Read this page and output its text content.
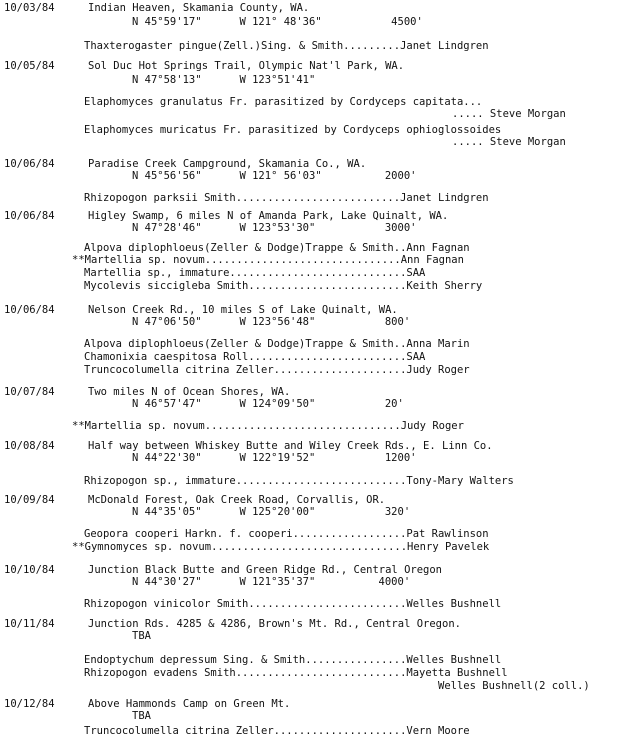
10/03/84	Indian Heaven, Skamania County, WA.
N 45°59'17"      W 121° 48'36"           4500'
Thaxterogaster pingue(Zell.)Sing. & Smith.........Janet Lindgren
10/05/84	Sol Duc Hot Springs Trail, Olympic Nat'l Park, WA.
N 47°58'13"      W 123°51'41"
Elaphomyces granulatus Fr. parasitized by Cordyceps capitata...
..... Steve Morgan
Elaphomyces muricatus Fr. parasitized by Cordyceps ophioglossoides
..... Steve Morgan
10/06/84	Paradise Creek Campground, Skamania Co., WA.
N 45°56'56"      W 121° 56'03"          2000'
Rhizopogon parksii Smith..........................Janet Lindgren
10/06/84	Higley Swamp, 6 miles N of Amanda Park, Lake Quinalt, WA.
N 47°28'46"      W 123°53'30"           3000'
Alpova diplophloeus(Zeller & Dodge)Trappe & Smith..Ann Fagnan
**Martellia sp. novum...............................Ann Fagnan
Martellia sp., immature............................SAA
Mycolevis siccigleba Smith.........................Keith Sherry
10/06/84	Nelson Creek Rd., 10 miles S of Lake Quinalt, WA.
N 47°06'50"      W 123°56'48"           800'
Alpova diplophloeus(Zeller & Dodge)Trappe & Smith..Anna Marin
Chamonixia caespitosa Roll.........................SAA
Truncocolumella citrina Zeller.....................Judy Roger
10/07/84	Two miles N of Ocean Shores, WA.
N 46°57'47"      W 124°09'50"           20'
**Martellia sp. novum...............................Judy Roger
10/08/84	Half way between Whiskey Butte and Wiley Creek Rds., E. Linn Co.
N 44°22'30"      W 122°19'52"           1200'
Rhizopogon sp., immature...........................Tony-Mary Walters
10/09/84	McDonald Forest, Oak Creek Road, Corvallis, OR.
N 44°35'05"      W 125°20'00"           320'
Geopora cooperi Harkn. f. cooperi..................Pat Rawlinson
**Gymnomyces sp. novum...............................Henry Pavelek
10/10/84	Junction Black Butte and Green Ridge Rd., Central Oregon
N 44°30'27"      W 121°35'37"          4000'
Rhizopogon vinicolor Smith.........................Welles Bushnell
10/11/84	Junction Rds. 4285 & 4286, Brown's Mt. Rd., Central Oregon.
TBA
Endoptychum depressum Sing. & Smith................Welles Bushnell
Rhizopogon evadens Smith...........................Mayetta Bushnell
Welles Bushnell(2 coll.)
10/12/84	Above Hammonds Camp on Green Mt.
TBA
Truncocolumella citrina Zeller.....................Vern Moore
